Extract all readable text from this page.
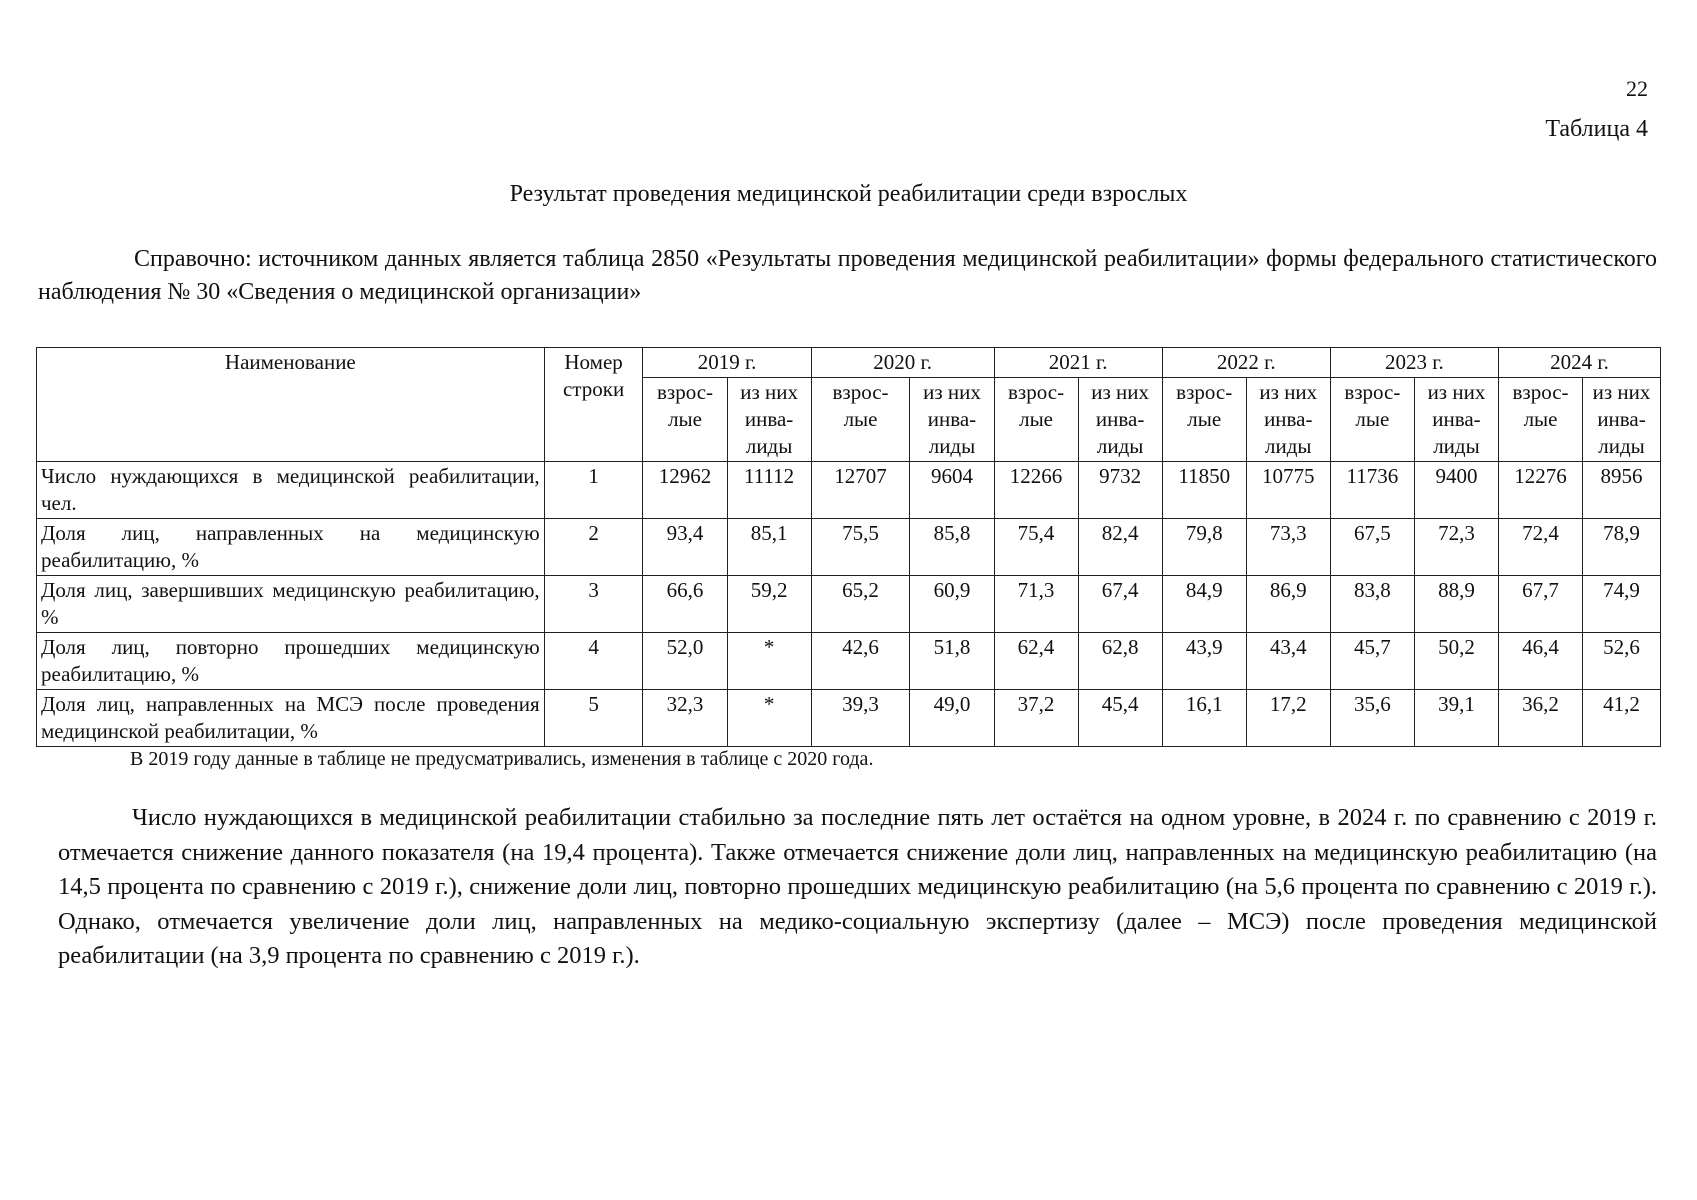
22
Таблица 4
Результат проведения медицинской реабилитации среди взрослых

Справочно: источником данных является таблица 2850 «Результаты проведения медицинской реабилитации» формы федерального статистического наблюдения № 30 «Сведения о медицинской организации»

Наименование	Номер строки	2019 г.		2020 г.		2021 г.		2022 г.		2023 г.		2024 г.	
		взрос-лые	из них инва-лиды	взрос-лые	из них инва-лиды	взрос-лые	из них инва-лиды	взрос-лые	из них инва-лиды	взрос-лые	из них инва-лиды	взрос-лые	из них инва-лиды
Число нуждающихся в медицинской реабилитации, чел.	1	12962	11112	12707	9604	12266	9732	11850	10775	11736	9400	12276	8956
Доля лиц, направленных на медицинскую реабилитацию, %	2	93,4	85,1	75,5	85,8	75,4	82,4	79,8	73,3	67,5	72,3	72,4	78,9
Доля лиц, завершивших медицинскую реабилитацию, %	3	66,6	59,2	65,2	60,9	71,3	67,4	84,9	86,9	83,8	88,9	67,7	74,9
Доля лиц, повторно прошедших медицинскую реабилитацию, %	4	52,0	*	42,6	51,8	62,4	62,8	43,9	43,4	45,7	50,2	46,4	52,6
Доля лиц, направленных на МСЭ после проведения медицинской реабилитации, %	5	32,3	*	39,3	49,0	37,2	45,4	16,1	17,2	35,6	39,1	36,2	41,2
В 2019 году данные в таблице не предусматривались, изменения в таблице с 2020 года.

Число нуждающихся в медицинской реабилитации стабильно за последние пять лет остаётся на одном уровне, в 2024 г. по сравнению с 2019 г. отмечается снижение данного показателя (на 19,4 процента). Также отмечается снижение доли лиц, направленных на медицинскую реабилитацию (на 14,5 процента по сравнению с 2019 г.), снижение доли лиц, повторно прошедших медицинскую реабилитацию (на 5,6 процента по сравнению с 2019 г.). Однако, отмечается увеличение доли лиц, направленных на медико-социальную экспертизу (далее – МСЭ) после проведения медицинской реабилитации (на 3,9 процента по сравнению с 2019 г.).
